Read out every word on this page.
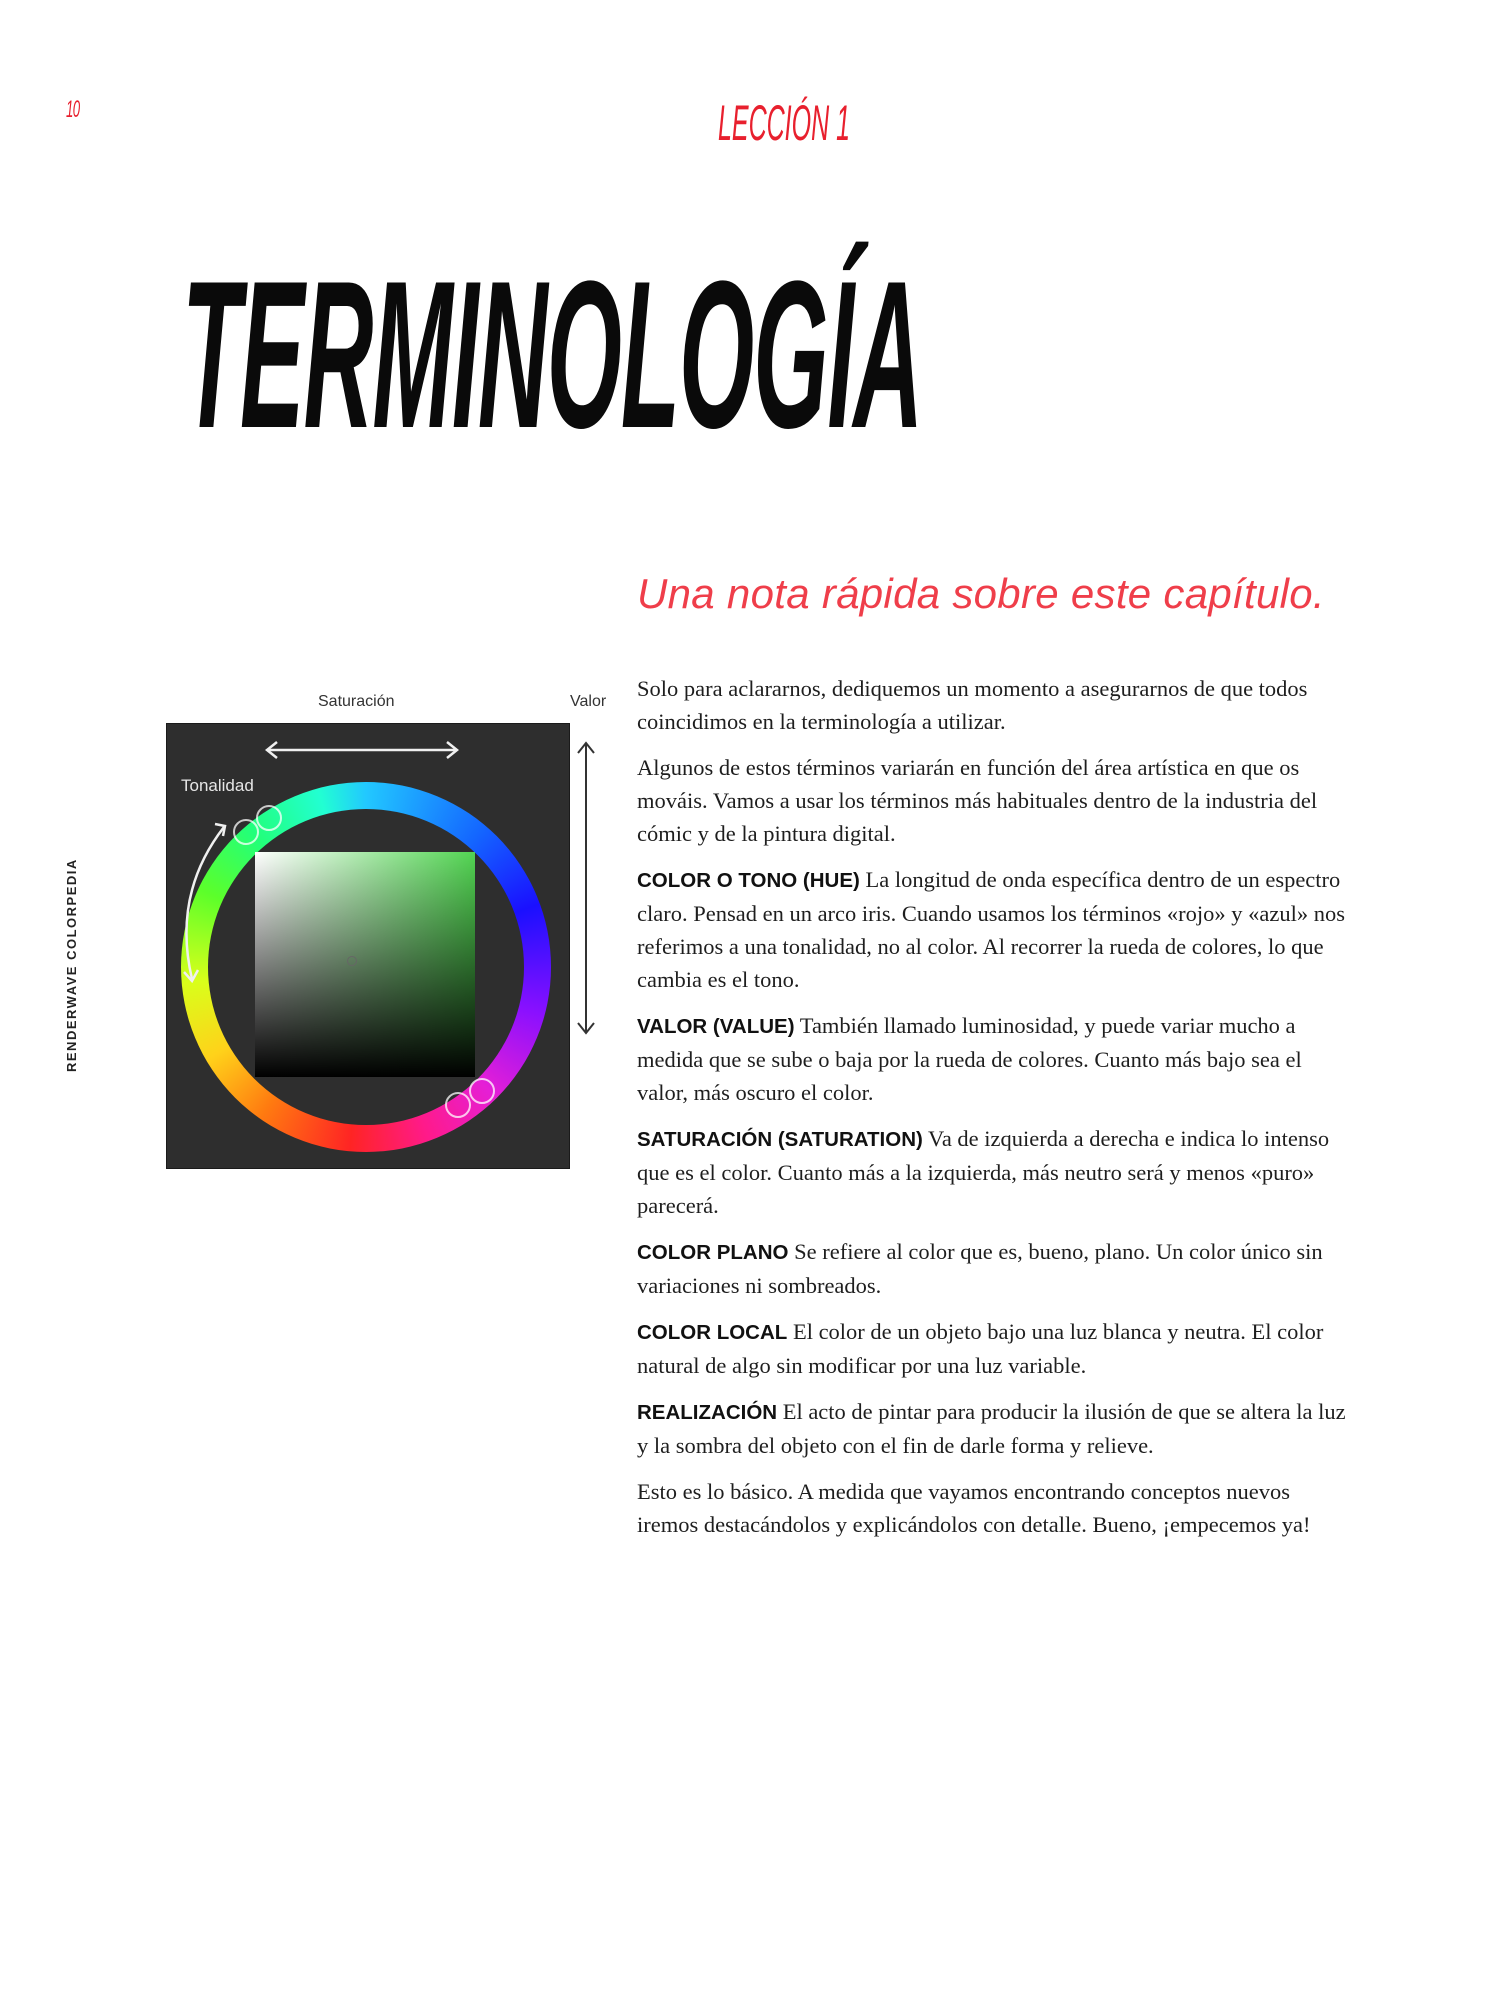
10	LECCIÓN 1
TERMINOLOGÍA
Una nota rápida sobre este capítulo.
RENDERWAVE COLORPEDIA
Saturación	Valor
Tonalidad

Solo para aclararnos, dediquemos un momento a asegurarnos de que todos coincidimos en la terminología a utilizar.

Algunos de estos términos variarán en función del área artística en que os mováis. Vamos a usar los términos más habituales dentro de la industria del cómic y de la pintura digital.

COLOR O TONO (HUE) La longitud de onda específica dentro de un espectro claro. Pensad en un arco iris. Cuando usamos los términos «rojo» y «azul» nos referimos a una tonalidad, no al color. Al recorrer la rueda de colores, lo que cambia es el tono.

VALOR (VALUE) También llamado luminosidad, y puede variar mucho a medida que se sube o baja por la rueda de colores. Cuanto más bajo sea el valor, más oscuro el color.

SATURACIÓN (SATURATION) Va de izquierda a derecha e indica lo intenso que es el color. Cuanto más a la izquierda, más neutro será y menos «puro» parecerá.

COLOR PLANO Se refiere al color que es, bueno, plano. Un color único sin variaciones ni sombreados.

COLOR LOCAL El color de un objeto bajo una luz blanca y neutra. El color natural de algo sin modificar por una luz variable.

REALIZACIÓN El acto de pintar para producir la ilusión de que se altera la luz y la sombra del objeto con el fin de darle forma y relieve.

Esto es lo básico. A medida que vayamos encontrando conceptos nuevos iremos destacándolos y explicándolos con detalle. Bueno, ¡empecemos ya!
